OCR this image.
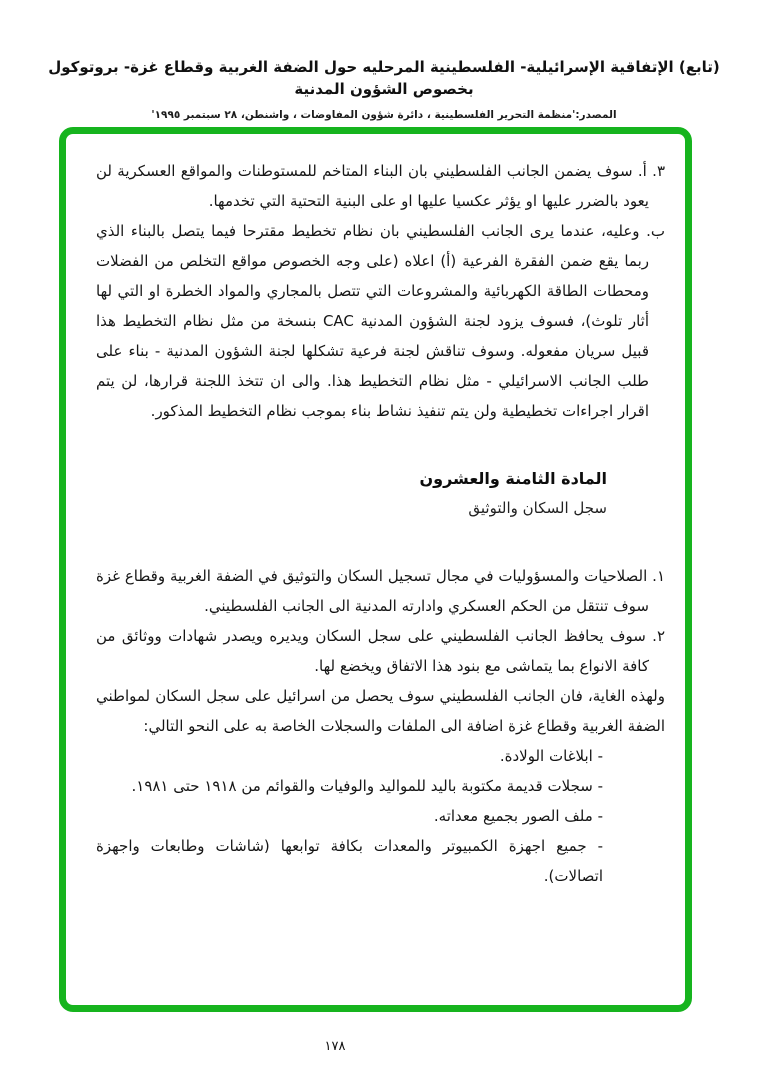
(تابع) الإتفاقية الإسرائيلية- الفلسطينية المرحليه حول الضفة الغربية وقطاع غزة- بروتوكول بخصوص الشؤون المدنية
المصدر:'منظمة التحرير الفلسطينية ، دائرة شؤون المفاوضات ، واشنطن، ٢٨ سبتمبر ١٩٩٥'

٣. أ. سوف يضمن الجانب الفلسطيني بان البناء المتاخم للمستوطنات والمواقع العسكرية لن يعود بالضرر عليها او يؤثر عكسيا عليها او على البنية التحتية التي تخدمها.

ب. وعليه، عندما يرى الجانب الفلسطيني بان نظام تخطيط مقترحا فيما يتصل بالبناء الذي ربما يقع ضمن الفقرة الفرعية (أ) اعلاه (على وجه الخصوص مواقع التخلص من الفضلات ومحطات الطاقة الكهربائية والمشروعات التي تتصل بالمجاري والمواد الخطرة او التي لها أثار تلوث)، فسوف يزود لجنة الشؤون المدنية CAC بنسخة من مثل نظام التخطيط هذا قبيل سريان مفعوله. وسوف تناقش لجنة فرعية تشكلها لجنة الشؤون المدنية - بناء على طلب الجانب الاسرائيلي - مثل نظام التخطيط هذا. والى ان تتخذ اللجنة قرارها، لن يتم اقرار اجراءات تخطيطية ولن يتم تنفيذ نشاط بناء بموجب نظام التخطيط المذكور.

المادة الثامنة والعشرون
سجل السكان والتوثيق

١. الصلاحيات والمسؤوليات في مجال تسجيل السكان والتوثيق في الضفة الغربية وقطاع غزة سوف تنتقل من الحكم العسكري وادارته المدنية الى الجانب الفلسطيني.

٢. سوف يحافظ الجانب الفلسطيني على سجل السكان ويديره ويصدر شهادات ووثائق من كافة الانواع بما يتماشى مع بنود هذا الاتفاق ويخضع لها.

ولهذه الغاية، فان الجانب الفلسطيني سوف يحصل من اسرائيل على سجل السكان لمواطني الضفة الغربية وقطاع غزة اضافة الى الملفات والسجلات الخاصة به على النحو التالي:

- ابلاغات الولادة.

- سجلات قديمة مكتوبة باليد للمواليد والوفيات والقوائم من ١٩١٨ حتى ١٩٨١.

- ملف الصور بجميع معداته.

- جميع اجهزة الكمبيوتر والمعدات بكافة توابعها (شاشات وطابعات واجهزة اتصالات).

١٧٨
